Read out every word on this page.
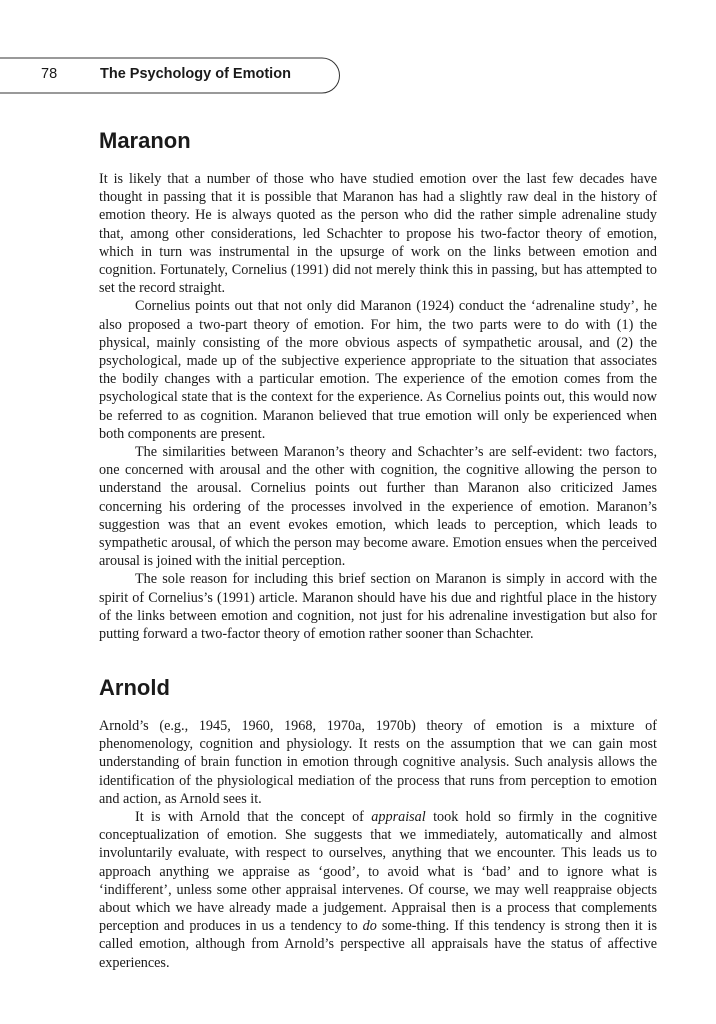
78	The Psychology of Emotion
Maranon

It is likely that a number of those who have studied emotion over the last few decades have thought in passing that it is possible that Maranon has had a slightly raw deal in the history of emotion theory. He is always quoted as the person who did the rather simple adrenaline study that, among other considerations, led Schachter to propose his two-factor theory of emotion, which in turn was instrumental in the upsurge of work on the links between emotion and cognition. Fortunately, Cornelius (1991) did not merely think this in passing, but has attempted to set the record straight.

Cornelius points out that not only did Maranon (1924) conduct the ‘adrenaline study’, he also proposed a two-part theory of emotion. For him, the two parts were to do with (1) the physical, mainly consisting of the more obvious aspects of sympathetic arousal, and (2) the psychological, made up of the subjective experience appropriate to the situation that associates the bodily changes with a particular emotion. The experience of the emotion comes from the psychological state that is the context for the experience. As Cornelius points out, this would now be referred to as cognition. Maranon believed that true emotion will only be experienced when both components are present.

The similarities between Maranon’s theory and Schachter’s are self-evident: two factors, one concerned with arousal and the other with cognition, the cognitive allowing the person to understand the arousal. Cornelius points out further than Maranon also criticized James concerning his ordering of the processes involved in the experience of emotion. Maranon’s suggestion was that an event evokes emotion, which leads to perception, which leads to sympathetic arousal, of which the person may become aware. Emotion ensues when the perceived arousal is joined with the initial perception.

The sole reason for including this brief section on Maranon is simply in accord with the spirit of Cornelius’s (1991) article. Maranon should have his due and rightful place in the history of the links between emotion and cognition, not just for his adrenaline investigation but also for putting forward a two-factor theory of emotion rather sooner than Schachter.

Arnold

Arnold’s (e.g., 1945, 1960, 1968, 1970a, 1970b) theory of emotion is a mixture of phenomenology, cognition and physiology. It rests on the assumption that we can gain most understanding of brain function in emotion through cognitive analysis. Such analysis allows the identification of the physiological mediation of the process that runs from perception to emotion and action, as Arnold sees it.

It is with Arnold that the concept of appraisal took hold so firmly in the cognitive conceptualization of emotion. She suggests that we immediately, automatically and almost involuntarily evaluate, with respect to ourselves, anything that we encounter. This leads us to approach anything we appraise as ‘good’, to avoid what is ‘bad’ and to ignore what is ‘indifferent’, unless some other appraisal intervenes. Of course, we may well reappraise objects about which we have already made a judgement. Appraisal then is a process that complements perception and produces in us a tendency to do some-thing. If this tendency is strong then it is called emotion, although from Arnold’s perspective all appraisals have the status of affective experiences.
